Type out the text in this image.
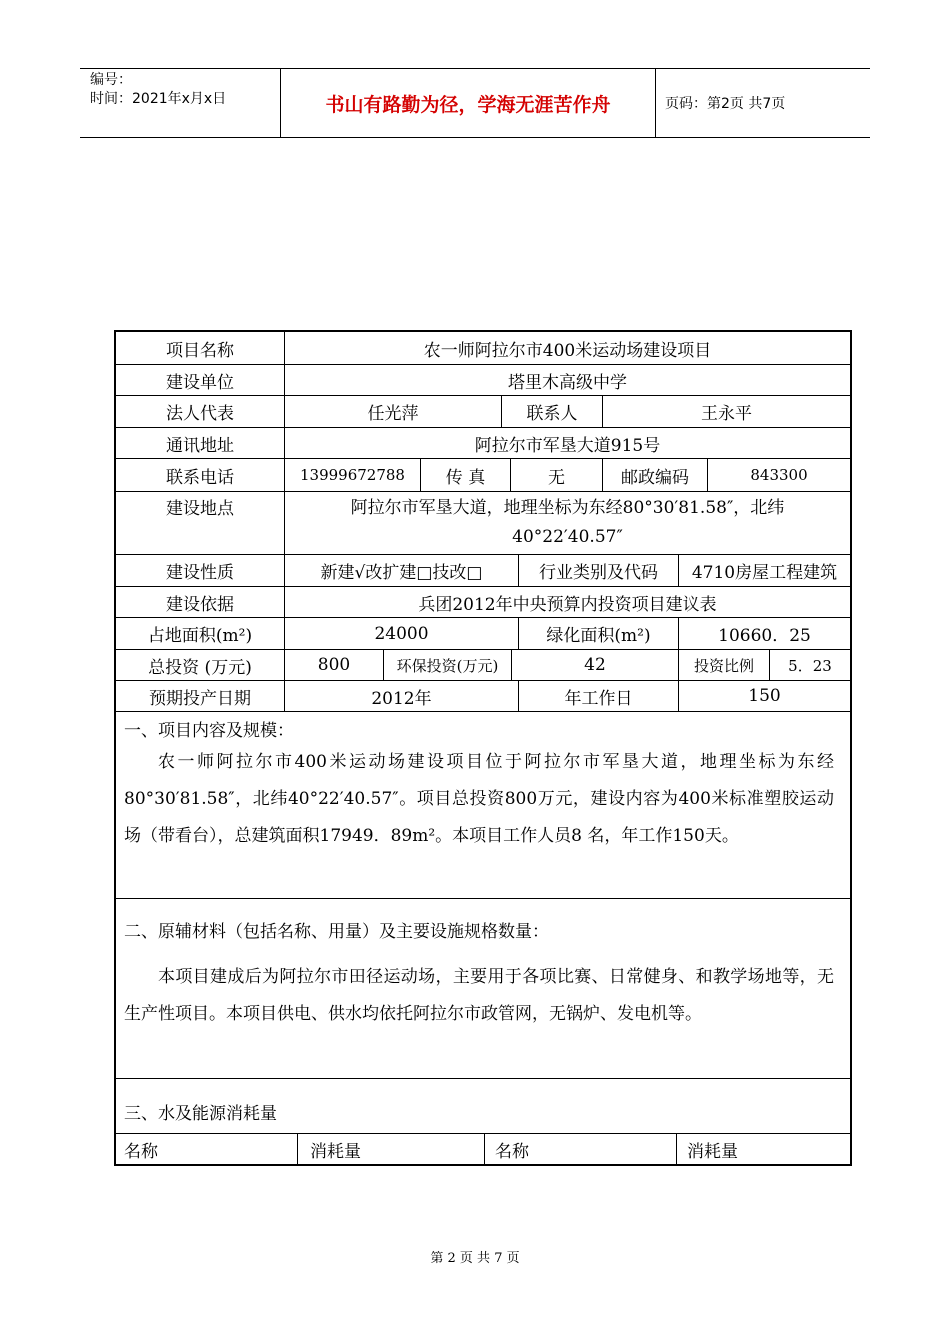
编号：
时间：2021年x月x日	书山有路勤为径，学海无涯苦作舟	页码：第2页 共7页
项目名称	农一师阿拉尔市400米运动场建设项目
建设单位	塔里木高级中学
法人代表	任光萍	联系人	王永平
通讯地址	阿拉尔市军垦大道915号
联系电话	13999672788	传 真	无	邮政编码	843300
建设地点	阿拉尔市军垦大道，地理坐标为东经80°30′81.58″，北纬40°22′40.57″
建设性质	新建√改扩建□技改□	行业类别及代码	4710房屋工程建筑
建设依据	兵团2012年中央预算内投资项目建议表
占地面积(m²)	24000	绿化面积(m²)	10660．25
总投资 (万元)	800	环保投资(万元)	42	投资比例	5．23
预期投产日期	2012年	年工作日	150
一、项目内容及规模：
农一师阿拉尔市400米运动场建设项目位于阿拉尔市军垦大道，地理坐标为东经80°30′81.58″，北纬40°22′40.57″。项目总投资800万元，建设内容为400米标准塑胶运动场（带看台），总建筑面积17949．89m²。本项目工作人员8 名，年工作150天。
二、原辅材料（包括名称、用量）及主要设施规格数量：
本项目建成后为阿拉尔市田径运动场，主要用于各项比赛、日常健身、和教学场地等，无生产性项目。本项目供电、供水均依托阿拉尔市政管网，无锅炉、发电机等。
三、水及能源消耗量
名称	消耗量	名称	消耗量
第 2 页 共 7 页
